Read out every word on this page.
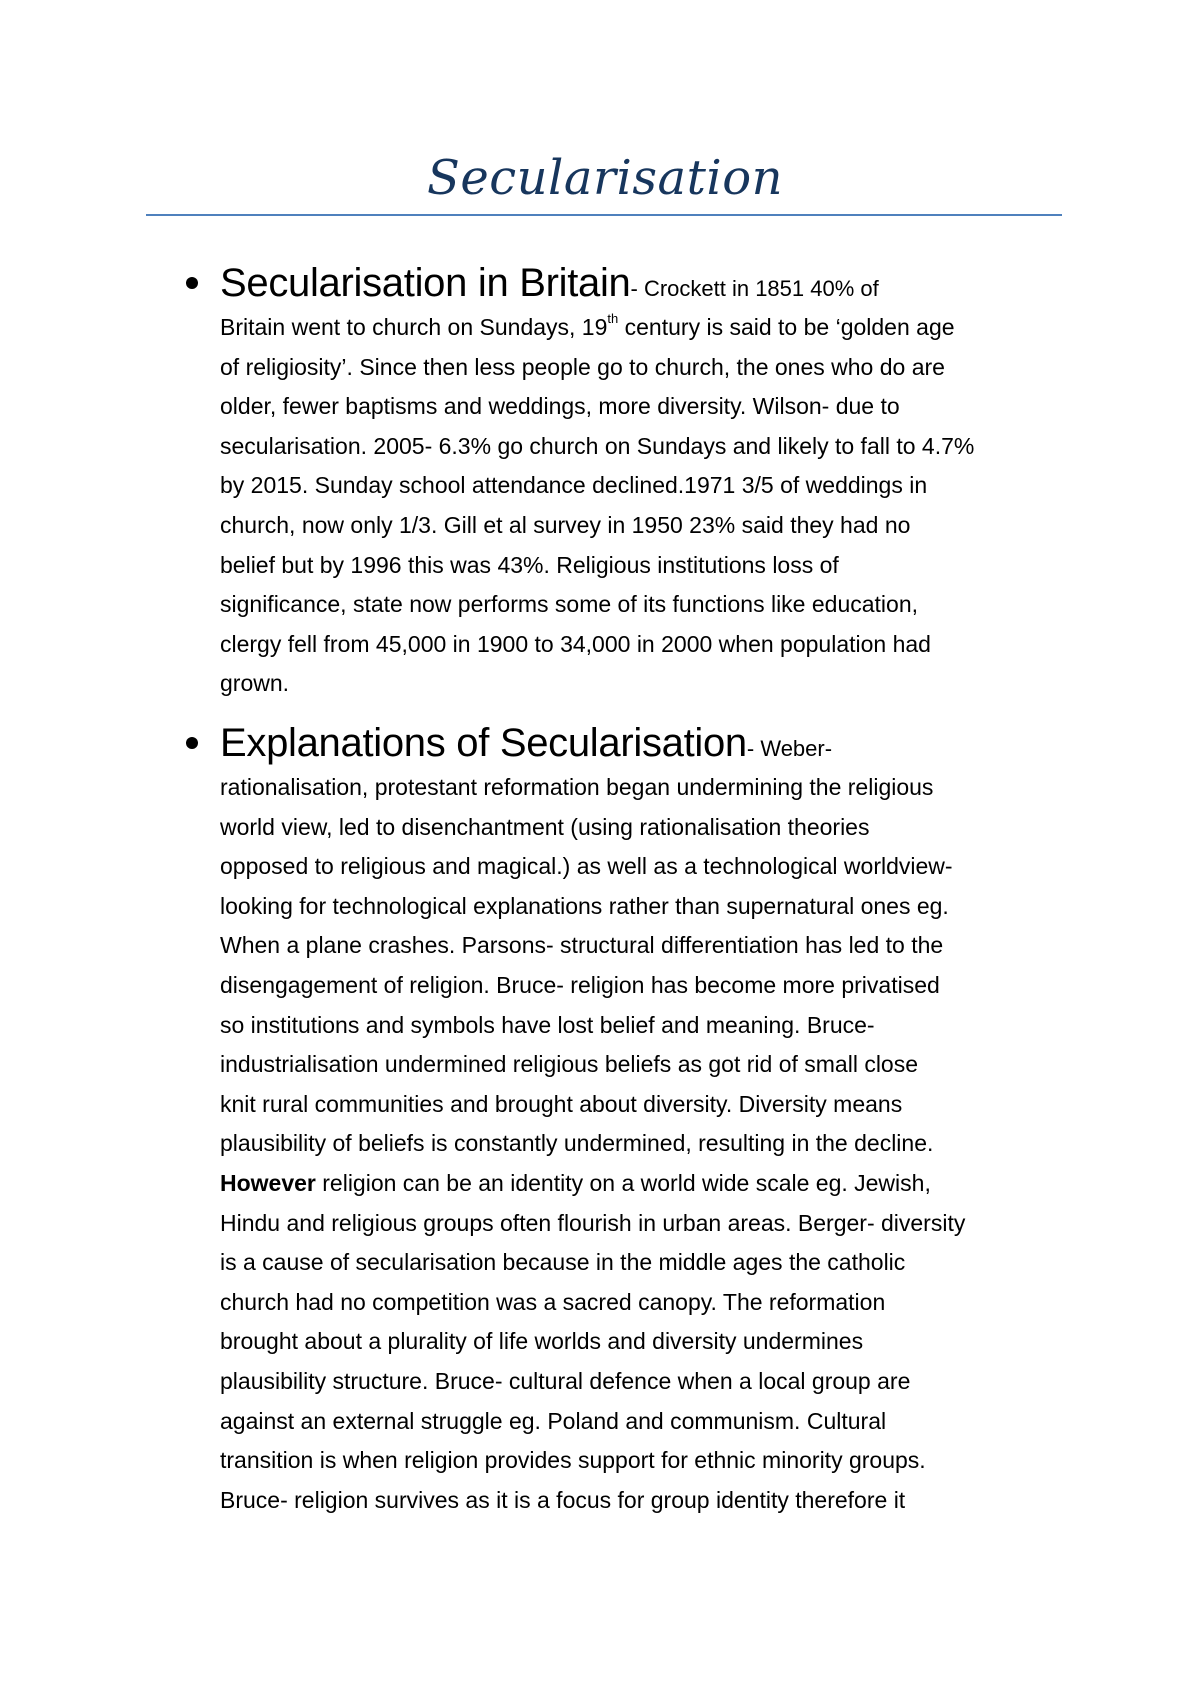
Secularisation
Secularisation in Britain- Crockett in 1851 40% of
Britain went to church on Sundays, 19th century is said to be ‘golden age
of religiosity’. Since then less people go to church, the ones who do are
older, fewer baptisms and weddings, more diversity. Wilson- due to
secularisation. 2005- 6.3% go church on Sundays and likely to fall to 4.7%
by 2015. Sunday school attendance declined.1971 3/5 of weddings in
church, now only 1/3. Gill et al survey in 1950 23% said they had no
belief but by 1996 this was 43%. Religious institutions loss of
significance, state now performs some of its functions like education,
clergy fell from 45,000 in 1900 to 34,000 in 2000 when population had
grown.
Explanations of Secularisation- Weber-
rationalisation, protestant reformation began undermining the religious
world view, led to disenchantment (using rationalisation theories
opposed to religious and magical.) as well as a technological worldview-
looking for technological explanations rather than supernatural ones eg.
When a plane crashes. Parsons- structural differentiation has led to the
disengagement of religion. Bruce- religion has become more privatised
so institutions and symbols have lost belief and meaning. Bruce-
industrialisation undermined religious beliefs as got rid of small close
knit rural communities and brought about diversity. Diversity means
plausibility of beliefs is constantly undermined, resulting in the decline.
However religion can be an identity on a world wide scale eg. Jewish,
Hindu and religious groups often flourish in urban areas. Berger- diversity
is a cause of secularisation because in the middle ages the catholic
church had no competition was a sacred canopy. The reformation
brought about a plurality of life worlds and diversity undermines
plausibility structure. Bruce- cultural defence when a local group are
against an external struggle eg. Poland and communism. Cultural
transition is when religion provides support for ethnic minority groups.
Bruce- religion survives as it is a focus for group identity therefore it
